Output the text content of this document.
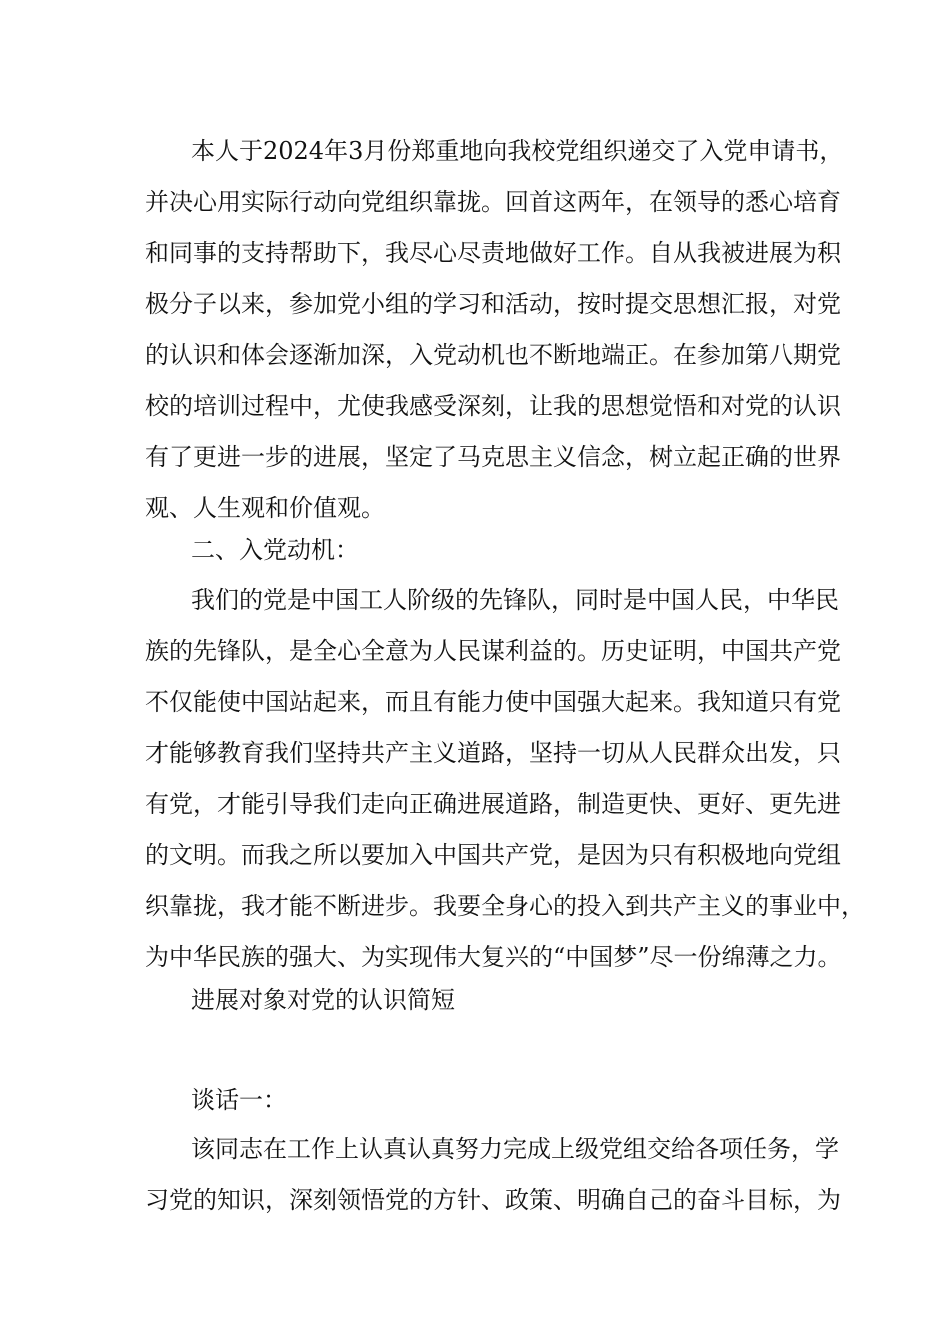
本人于2024年3月份郑重地向我校党组织递交了入党申请书，
并决心用实际行动向党组织靠拢。回首这两年，在领导的悉心培育
和同事的支持帮助下，我尽心尽责地做好工作。自从我被进展为积
极分子以来，参加党小组的学习和活动，按时提交思想汇报，对党
的认识和体会逐渐加深，入党动机也不断地端正。在参加第八期党
校的培训过程中，尤使我感受深刻，让我的思想觉悟和对党的认识
有了更进一步的进展，坚定了马克思主义信念，树立起正确的世界
观、人生观和价值观。
二、入党动机：
我们的党是中国工人阶级的先锋队，同时是中国人民，中华民
族的先锋队，是全心全意为人民谋利益的。历史证明，中国共产党
不仅能使中国站起来，而且有能力使中国强大起来。我知道只有党
才能够教育我们坚持共产主义道路，坚持一切从人民群众出发，只
有党，才能引导我们走向正确进展道路，制造更快、更好、更先进
的文明。而我之所以要加入中国共产党，是因为只有积极地向党组
织靠拢，我才能不断进步。我要全身心的投入到共产主义的事业中，
为中华民族的强大、为实现伟大复兴的“中国梦”尽一份绵薄之力。
进展对象对党的认识简短
谈话一：
该同志在工作上认真认真努力完成上级党组交给各项任务，学
习党的知识，深刻领悟党的方针、政策、明确自己的奋斗目标，为
